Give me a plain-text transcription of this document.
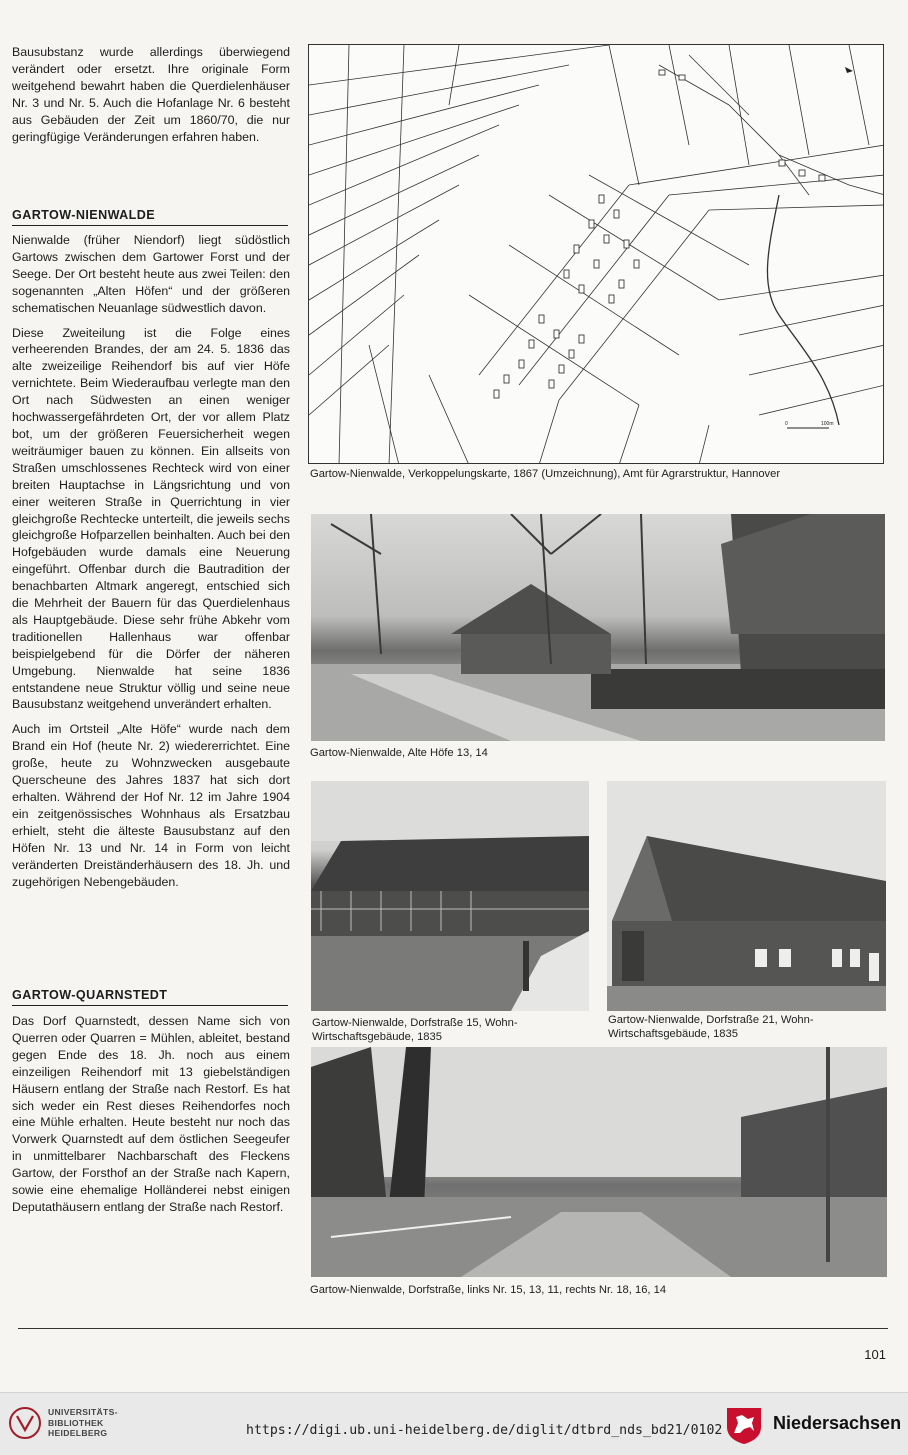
Bausubstanz wurde allerdings überwiegend verändert oder ersetzt. Ihre originale Form weitgehend bewahrt haben die Querdielenhäuser Nr. 3 und Nr. 5. Auch die Hofanlage Nr. 6 besteht aus Gebäuden der Zeit um 1860/70, die nur geringfügige Veränderungen erfahren haben.

GARTOW-NIENWALDE

Nienwalde (früher Niendorf) liegt südöstlich Gartows zwischen dem Gartower Forst und der Seege. Der Ort besteht heute aus zwei Teilen: den sogenannten „Alten Höfen“ und der größeren schematischen Neuanlage südwestlich davon.

Diese Zweiteilung ist die Folge eines verheerenden Brandes, der am 24. 5. 1836 das alte zweizeilige Reihendorf bis auf vier Höfe vernichtete. Beim Wiederaufbau verlegte man den Ort nach Südwesten an einen weniger hochwassergefährdeten Ort, der vor allem Platz bot, um der größeren Feuersicherheit wegen weiträumiger bauen zu können. Ein allseits von Straßen umschlossenes Rechteck wird von einer breiten Hauptachse in Längsrichtung und von einer weiteren Straße in Querrichtung in vier gleichgroße Rechtecke unterteilt, die jeweils sechs gleichgroße Hofparzellen beinhalten. Auch bei den Hofgebäuden wurde damals eine Neuerung eingeführt. Offenbar durch die Bautradition der benachbarten Altmark angeregt, entschied sich die Mehrheit der Bauern für das Querdielenhaus als Hauptgebäude. Diese sehr frühe Abkehr vom traditionellen Hallenhaus war offenbar beispielgebend für die Dörfer der näheren Umgebung. Nienwalde hat seine 1836 entstandene neue Struktur völlig und seine neue Bausubstanz weitgehend unverändert erhalten.

Auch im Ortsteil „Alte Höfe“ wurde nach dem Brand ein Hof (heute Nr. 2) wiedererrichtet. Eine große, heute zu Wohnzwecken ausgebaute Querscheune des Jahres 1837 hat sich dort erhalten. Während der Hof Nr. 12 im Jahre 1904 ein zeitgenössisches Wohnhaus als Ersatzbau erhielt, steht die älteste Bausubstanz auf den Höfen Nr. 13 und Nr. 14 in Form von leicht veränderten Dreiständerhäusern des 18. Jh. und zugehörigen Nebengebäuden.

GARTOW-QUARNSTEDT

Das Dorf Quarnstedt, dessen Name sich von Querren oder Quarren = Mühlen, ableitet, bestand gegen Ende des 18. Jh. noch aus einem einzeiligen Reihendorf mit 13 giebelständigen Häusern entlang der Straße nach Restorf. Es hat sich weder ein Rest dieses Reihendorfes noch eine Mühle erhalten. Heute besteht nur noch das Vorwerk Quarnstedt auf dem östlichen Seegeufer in unmittelbarer Nachbarschaft des Fleckens Gartow, der Forsthof an der Straße nach Kapern, sowie eine ehemalige Holländerei nebst einigen Deputathäusern entlang der Straße nach Restorf.

0	100m
Gartow-Nienwalde, Verkoppelungskarte, 1867 (Umzeichnung), Amt für Agrarstruktur, Hannover
Gartow-Nienwalde, Alte Höfe 13, 14
Gartow-Nienwalde, Dorfstraße 15, Wohn-Wirtschaftsgebäude, 1835
Gartow-Nienwalde, Dorfstraße 21, Wohn-Wirtschaftsgebäude, 1835
Gartow-Nienwalde, Dorfstraße, links Nr. 15, 13, 11, rechts Nr. 18, 16, 14
101
UNIVERSITÄTS-
BIBLIOTHEK
HEIDELBERG	https://digi.ub.uni-heidelberg.de/diglit/dtbrd_nds_bd21/0102	Niedersachsen
